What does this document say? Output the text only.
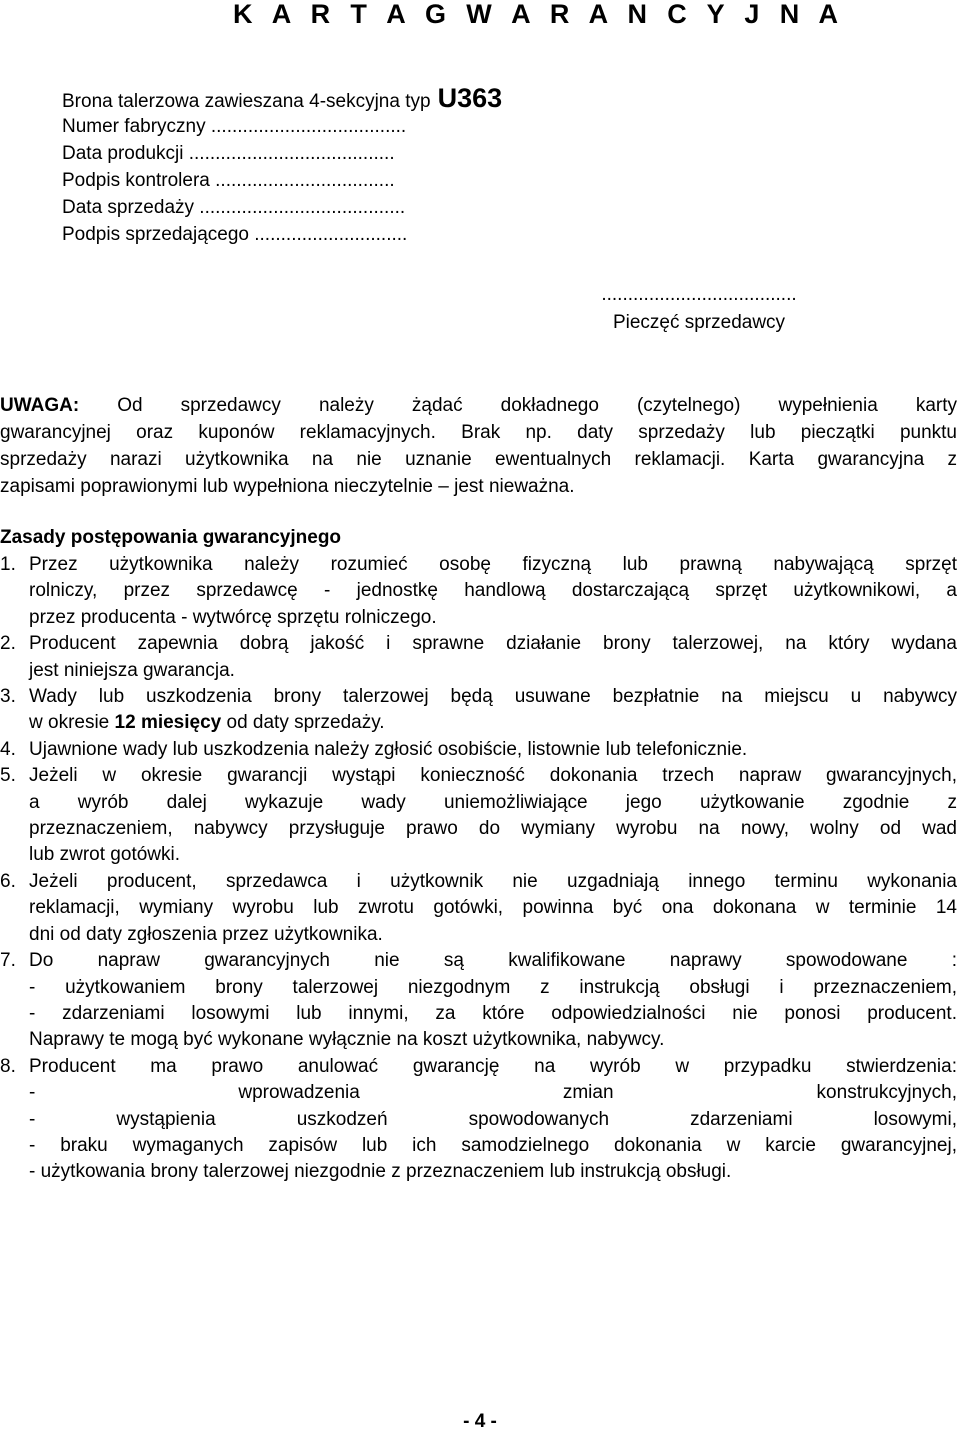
K A R T A G W A R A N C Y J N A
Brona talerzowa zawieszana 4-sekcyjna typ U363
Numer fabryczny .....................................
Data produkcji .......................................
Podpis kontrolera ..................................
Data sprzedaży .......................................
Podpis sprzedającego .............................
.....................................
Pieczęć sprzedawcy
UWAGA: Od sprzedawcy należy żądać dokładnego (czytelnego) wypełnienia karty
gwarancyjnej oraz kuponów reklamacyjnych. Brak np. daty sprzedaży lub pieczątki punktu
sprzedaży narazi użytkownika na nie uznanie ewentualnych reklamacji. Karta gwarancyjna z
zapisami poprawionymi lub wypełniona nieczytelnie – jest nieważna.
Zasady postępowania gwarancyjnego
1. Przez użytkownika należy rozumieć osobę fizyczną lub prawną nabywającą sprzęt
rolniczy, przez sprzedawcę - jednostkę handlową dostarczającą sprzęt użytkownikowi, a
przez producenta - wytwórcę sprzętu rolniczego.
2. Producent zapewnia dobrą jakość i sprawne działanie brony talerzowej, na który wydana
jest niniejsza gwarancja.
3. Wady lub uszkodzenia brony talerzowej będą usuwane bezpłatnie na miejscu u nabywcy
w okresie 12 miesięcy od daty sprzedaży.
4. Ujawnione wady lub uszkodzenia należy zgłosić osobiście, listownie lub telefonicznie.
5. Jeżeli w okresie gwarancji wystąpi konieczność dokonania trzech napraw gwarancyjnych,
a wyrób dalej wykazuje wady uniemożliwiające jego użytkowanie zgodnie z
przeznaczeniem, nabywcy przysługuje prawo do wymiany wyrobu na nowy, wolny od wad
lub zwrot gotówki.
6. Jeżeli producent, sprzedawca i użytkownik nie uzgadniają innego terminu wykonania
reklamacji, wymiany wyrobu lub zwrotu gotówki, powinna być ona dokonana w terminie 14
dni od daty zgłoszenia przez użytkownika.
7. Do napraw gwarancyjnych nie są kwalifikowane naprawy spowodowane :
- użytkowaniem brony talerzowej niezgodnym z instrukcją obsługi i przeznaczeniem,
- zdarzeniami losowymi lub innymi, za które odpowiedzialności nie ponosi producent.
Naprawy te mogą być wykonane wyłącznie na koszt użytkownika, nabywcy.
8. Producent ma prawo anulować gwarancję na wyrób w przypadku stwierdzenia:
- wprowadzenia zmian konstrukcyjnych,
- wystąpienia uszkodzeń spowodowanych zdarzeniami losowymi,
- braku wymaganych zapisów lub ich samodzielnego dokonania w karcie gwarancyjnej,
- użytkowania brony talerzowej niezgodnie z przeznaczeniem lub instrukcją obsługi.
- 4 -
